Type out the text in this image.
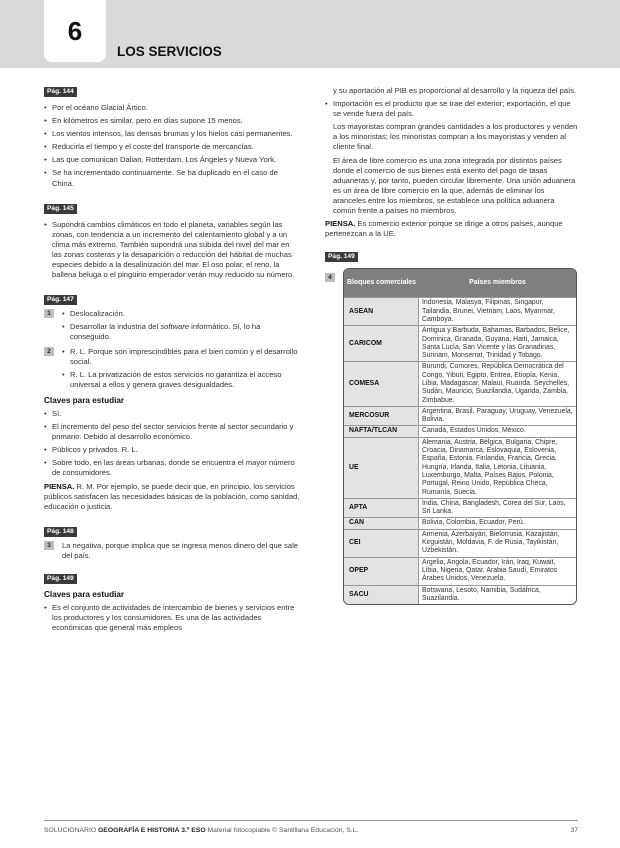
6
LOS SERVICIOS
Pág. 144
• Por el océano Glacial Ártico.
• En kilómetros es similar, pero en días supone 15 menos.
• Los vientos intensos, las densas brumas y los hielos casi permanentes.
• Reducirla el tiempo y el coste del transporte de mercancías.
• Las que comunican Dalian, Rotterdam, Los Ángeles y Nueva York.
• Se ha incrementado continuamente. Se ha duplicado en el caso de China.
Pág. 145
• Supondrá cambios climáticos en todo el planeta, variables según las zonas, con tendencia a un incremento del calentamiento global y a un clima más extremo. También supondrá una subida del nivel del mar en las zonas costeras y la desaparición o reducción del hábitat de muchas especies debido a la desalinización del mar. El oso polar, el reno, la ballena beluga o el pingüino emperador verán muy reducido su número.
Pág. 147
1	• Deslocalización.
• Desarrollar la industria del software informático. Sí, lo ha conseguido.
2	• R. L. Porque son imprescindibles para el bien común y el desarrollo social.
• R. L. La privatización de estos servicios no garantiza el acceso universal a ellos y genera graves desigualdades.
Claves para estudiar
• Sí.
• El incremento del peso del sector servicios frente al sector secundario y primario. Debido al desarrollo económico.
• Públicos y privados. R. L.
• Sobre todo, en las áreas urbanas, donde se encuentra el mayor número de consumidores.

PIENSA. R. M. Por ejemplo, se puede decir que, en principio, los servicios públicos satisfacen las necesidades básicas de la población, como sanidad, educación o justicia.

Pág. 148
3	La negativa, porque implica que se ingresa menos dinero del que sale del país.
Pág. 149
Claves para estudiar
• Es el conjunto de actividades de intercambio de bienes y servicios entre los productores y los consumidores. Es una de las actividades económicas que general más empleos

y su aportación al PIB es proporcional al desarrollo y la riqueza del país.

• Importación es el producto que se trae del exterior; exportación, el que se vende fuera del país.

Los mayoristas compran grandes cantidades a los productores y venden a los minoristas; los minoristas compran a los mayoristas y venden al cliente final.

El área de libre comercio es una zona integrada por distintos países donde el comercio de sus bienes está exento del pago de tasas aduaneras y, por tanto, pueden circular libremente. Una unión aduanera es un área de libre comercio en la que, además de eliminar los aranceles entre los miembros, se establece una política aduanera común frente a países no miembros.

PIENSA. Es comercio exterior porque se dirige a otros países, aunque pertenezcan a la UE.

Pág. 149
4
Bloques comerciales	Países miembros
ASEAN	Indonesia, Malasya, Filipinas, Singapur, Tailandia, Brunei, Vietnam, Laos, Myanmar, Camboya.
CARICOM	Antigua y Barbuda, Bahamas, Barbados, Belice, Dominica, Granada, Guyana, Haití, Jamaica, Santa Lucía, San Vicente y las Granadinas, Surinam, Monserrat, Trinidad y Tobago.
COMESA	Burundi, Comores, República Democrática del Congo, Yibuti, Egipto, Eritrea, Etiopía, Kenia, Libia, Madagascar, Malaui, Ruanda, Seychelles, Sudán, Mauricio, Suazilandia, Uganda, Zambia, Zimbabue.
MERCOSUR	Argentina, Brasil, Paraguay, Uruguay, Venezuela, Bolivia.
NAFTA/TLCAN	Canadá, Estados Unidos, México.
UE	Alemania, Austria, Bélgica, Bulgaria, Chipre, Croacia, Dinamarca, Eslovaquia, Eslovenia, España, Estonia, Finlandia, Francia, Grecia, Hungría, Irlanda, Italia, Letonia, Lituania, Luxemburgo, Malta, Países Bajos, Polonia, Portugal, Reino Unido, República Checa, Rumanía, Suecia.
APTA	India, China, Bangladesh, Corea del Sur, Laos, Sri Lanka.
CAN	Bolivia, Colombia, Ecuador, Perú.
CEI	Armenia, Azerbaiyán, Bielorrusia, Kazajistán, Kirguistán, Moldavia, F. de Rusia, Tayikistán, Uzbekistán.
OPEP	Argelia, Angola, Ecuador, Irán, Iraq, Kuwait, Libia, Nigeria, Qatar, Arabia Saudí, Emiratos Árabes Unidos, Venezuela.
SACU	Botswana, Lesoto, Namibia, Sudáfrica, Suazilandia.
SOLUCIONARIO GEOGRAFÍA E HISTORIA 3.º ESO Material fotocopiable © Santillana Educación, S.L.	37
